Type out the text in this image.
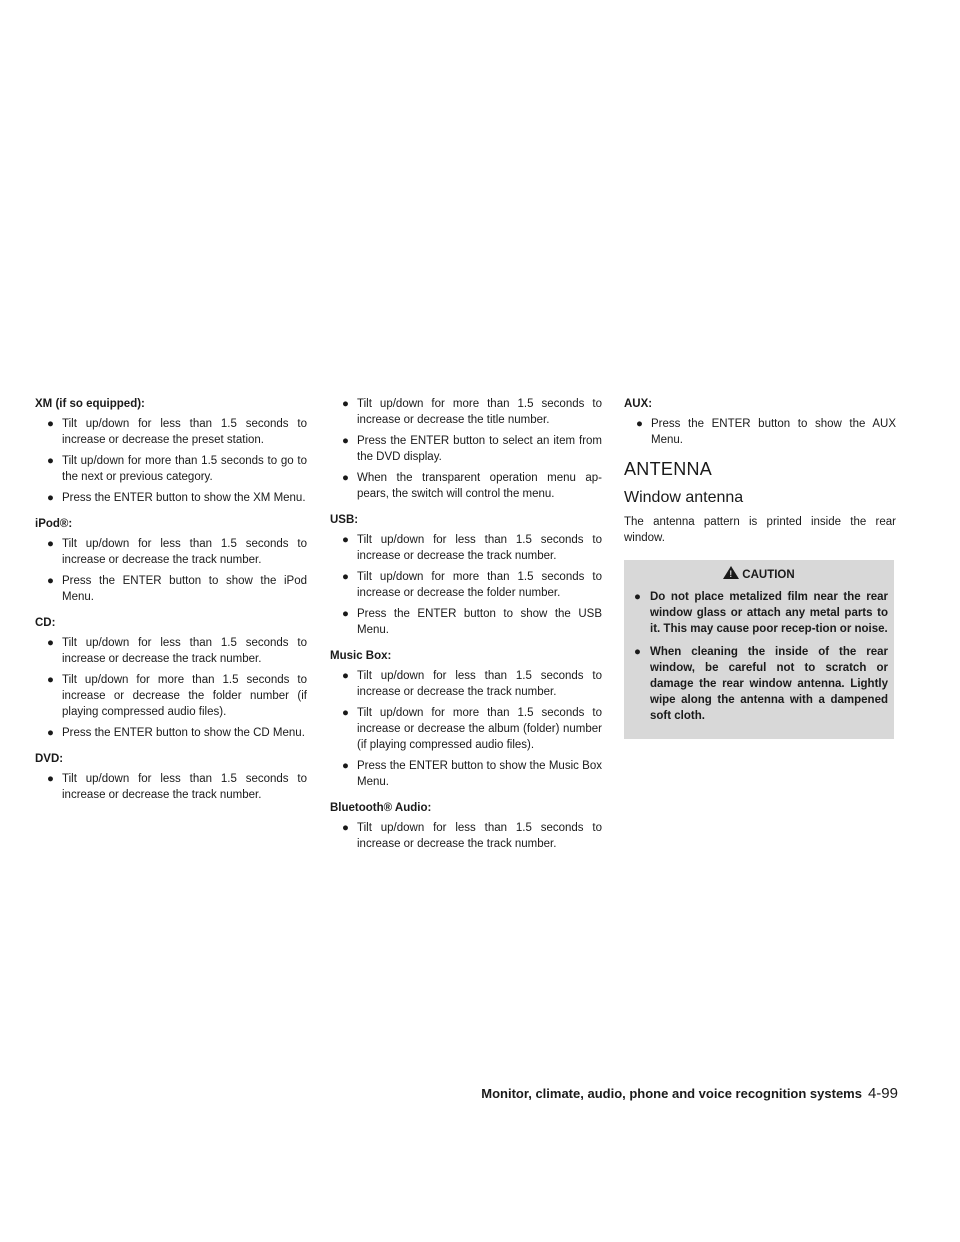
XM (if so equipped):
● Tilt up/down for less than 1.5 seconds to increase or decrease the preset station.
● Tilt up/down for more than 1.5 seconds to go to the next or previous category.
● Press the ENTER button to show the XM Menu.
iPod®:
● Tilt up/down for less than 1.5 seconds to increase or decrease the track number.
● Press the ENTER button to show the iPod Menu.
CD:
● Tilt up/down for less than 1.5 seconds to increase or decrease the track number.
● Tilt up/down for more than 1.5 seconds to increase or decrease the folder number (if playing compressed audio files).
● Press the ENTER button to show the CD Menu.
DVD:
● Tilt up/down for less than 1.5 seconds to increase or decrease the track number.
● Tilt up/down for more than 1.5 seconds to increase or decrease the title number.
● Press the ENTER button to select an item from the DVD display.
● When the transparent operation menu ap-pears, the switch will control the menu.
USB:
● Tilt up/down for less than 1.5 seconds to increase or decrease the track number.
● Tilt up/down for more than 1.5 seconds to increase or decrease the folder number.
● Press the ENTER button to show the USB Menu.
Music Box:
● Tilt up/down for less than 1.5 seconds to increase or decrease the track number.
● Tilt up/down for more than 1.5 seconds to increase or decrease the album (folder) number (if playing compressed audio files).
● Press the ENTER button to show the Music Box Menu.
Bluetooth® Audio:
● Tilt up/down for less than 1.5 seconds to increase or decrease the track number.
AUX:
● Press the ENTER button to show the AUX Menu.
ANTENNA
Window antenna
The antenna pattern is printed inside the rear window.
! CAUTION
● Do not place metalized film near the rear window glass or attach any metal parts to it. This may cause poor recep-tion or noise.
● When cleaning the inside of the rear window, be careful not to scratch or damage the rear window antenna. Lightly wipe along the antenna with a dampened soft cloth.
Monitor, climate, audio, phone and voice recognition systems 4-99
